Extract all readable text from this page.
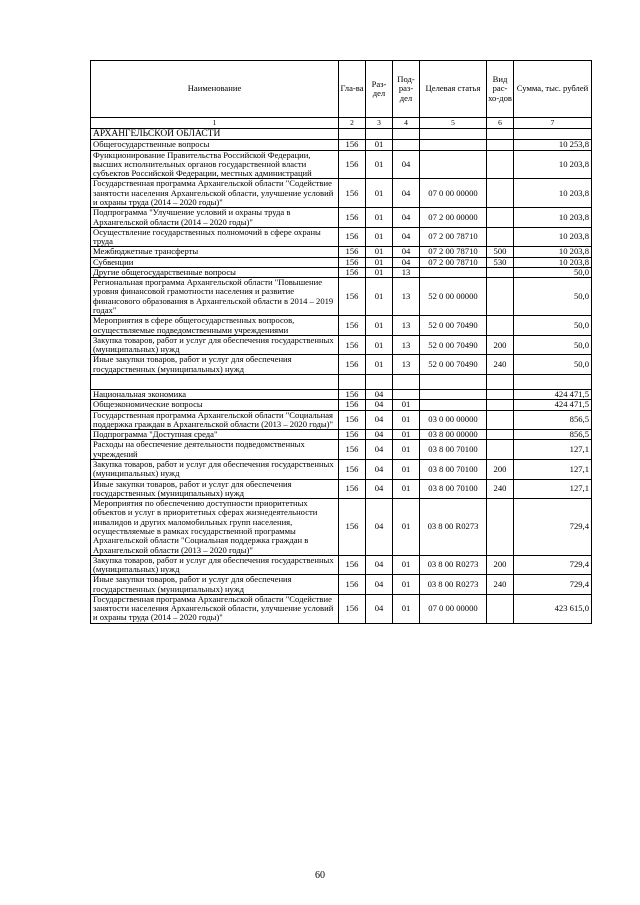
Наименование	Гла-ва	Раз-дел	Под-раз-дел	Целевая статья	Вид рас-хо-дов	Сумма, тыс. рублей
1	2	3	4	5	6	7
АРХАНГЕЛЬСКОЙ ОБЛАСТИ						
Общегосударственные вопросы	156	01				10 253,8
Функционирование Правительства Российской Федерации, высших исполнительных органов государственной власти субъектов Российской Федерации, местных администраций	156	01	04			10 203,8
Государственная программа Архангельской области "Содействие занятости населения Архангельской области, улучшение условий и охраны труда (2014 – 2020 годы)"	156	01	04	07 0 00 00000		10 203,8
Подпрограмма "Улучшение условий и охраны труда в Архангельской области (2014 – 2020 годы)"	156	01	04	07 2 00 00000		10 203,8
Осуществление государственных полномочий в сфере охраны труда	156	01	04	07 2 00 78710		10 203,8
Межбюджетные трансферты	156	01	04	07 2 00 78710	500	10 203,8
Субвенции	156	01	04	07 2 00 78710	530	10 203,8
Другие общегосударственные вопросы	156	01	13			50,0
Региональная программа Архангельской области "Повышение уровня финансовой грамотности населения и развитие финансового образования в Архангельской области в 2014 – 2019 годах"	156	01	13	52 0 00 00000		50,0
Мероприятия в сфере общегосударственных вопросов, осуществляемые подведомственными учреждениями	156	01	13	52 0 00 70490		50,0
Закупка товаров, работ и услуг для обеспечения государственных (муниципальных) нужд	156	01	13	52 0 00 70490	200	50,0
Иные закупки товаров, работ и услуг для обеспечения государственных (муниципальных) нужд	156	01	13	52 0 00 70490	240	50,0

Национальная экономика	156	04				424 471,5
Общеэкономические вопросы	156	04	01			424 471,5
Государственная программа Архангельской области "Социальная поддержка граждан в Архангельской области (2013 – 2020 годы)"	156	04	01	03 0 00 00000		856,5
Подпрограмма "Доступная среда"	156	04	01	03 8 00 00000		856,5
Расходы на обеспечение деятельности подведомственных учреждений	156	04	01	03 8 00 70100		127,1
Закупка товаров, работ и услуг для обеспечения государственных (муниципальных) нужд	156	04	01	03 8 00 70100	200	127,1
Иные закупки товаров, работ и услуг для обеспечения государственных (муниципальных) нужд	156	04	01	03 8 00 70100	240	127,1
Мероприятия по обеспечению доступности приоритетных объектов и услуг в приоритетных сферах жизнедеятельности инвалидов и других маломобильных групп населения, осуществляемые в рамках государственной программы Архангельской области "Социальная поддержка граждан в Архангельской области (2013 – 2020 годы)"	156	04	01	03 8 00 R0273		729,4
Закупка товаров, работ и услуг для обеспечения государственных (муниципальных) нужд	156	04	01	03 8 00 R0273	200	729,4
Иные закупки товаров, работ и услуг для обеспечения государственных (муниципальных) нужд	156	04	01	03 8 00 R0273	240	729,4
Государственная программа Архангельской области "Содействие занятости населения Архангельской области, улучшение условий и охраны труда (2014 – 2020 годы)"	156	04	01	07 0 00 00000		423 615,0
60
